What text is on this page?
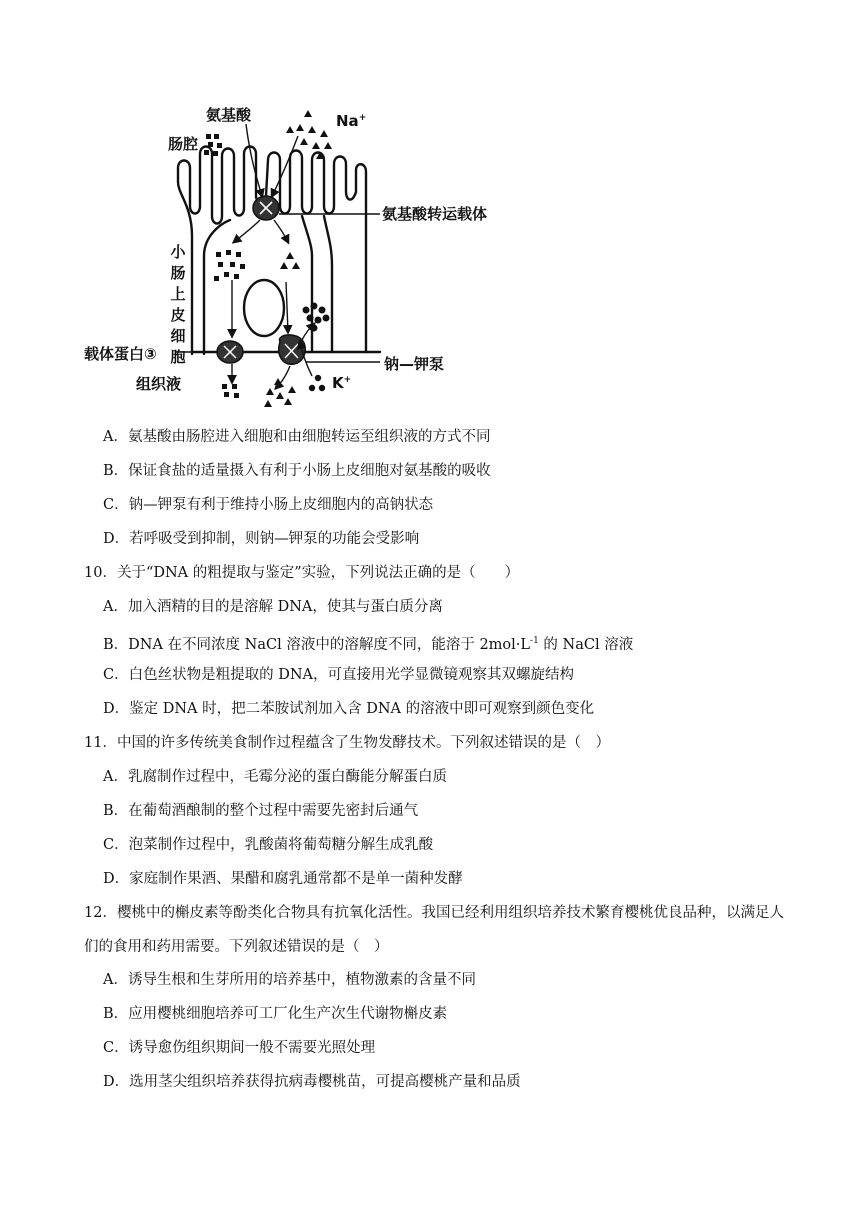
氨基酸	Na+
肠腔
氨基酸转运载体
小
肠
上
皮
细
胞
载体蛋白③
钠—钾泵
组织液	K+
A．氨基酸由肠腔进入细胞和由细胞转运至组织液的方式不同
B．保证食盐的适量摄入有利于小肠上皮细胞对氨基酸的吸收
C．钠—钾泵有利于维持小肠上皮细胞内的高钠状态
D．若呼吸受到抑制，则钠—钾泵的功能会受影响
10．关于“DNA 的粗提取与鉴定”实验，下列说法正确的是（　　）
A．加入酒精的目的是溶解 DNA，使其与蛋白质分离
B．DNA 在不同浓度 NaCl 溶液中的溶解度不同，能溶于 $2mol\cdot L^{-1}$ 的 NaCl 溶液
C．白色丝状物是粗提取的 DNA，可直接用光学显微镜观察其双螺旋结构
D．鉴定 DNA 时，把二苯胺试剂加入含 DNA 的溶液中即可观察到颜色变化
11．中国的许多传统美食制作过程蕴含了生物发酵技术。下列叙述错误的是（　）
A．乳腐制作过程中，毛霉分泌的蛋白酶能分解蛋白质
B．在葡萄酒酿制的整个过程中需要先密封后通气
C．泡菜制作过程中，乳酸菌将葡萄糖分解生成乳酸
D．家庭制作果酒、果醋和腐乳通常都不是单一菌种发酵
12．樱桃中的槲皮素等酚类化合物具有抗氧化活性。我国已经利用组织培养技术繁育樱桃优良品种，以满足人们的食用和药用需要。下列叙述错误的是（　）
A．诱导生根和生芽所用的培养基中，植物激素的含量不同
B．应用樱桃细胞培养可工厂化生产次生代谢物槲皮素
C．诱导愈伤组织期间一般不需要光照处理
D．选用茎尖组织培养获得抗病毒樱桃苗，可提高樱桃产量和品质
